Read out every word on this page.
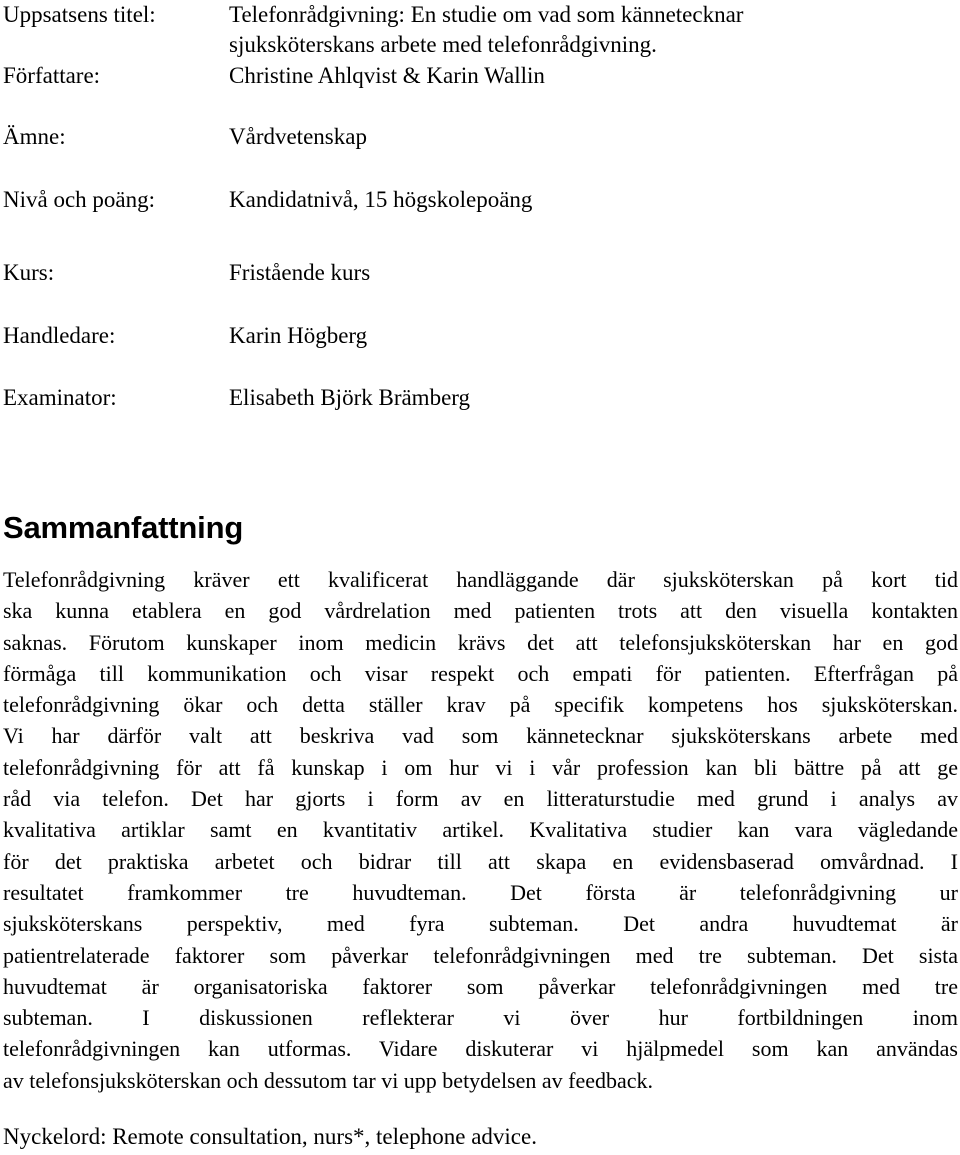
Uppsatsens titel:	Telefonrådgivning: En studie om vad som kännetecknar
sjuksköterskans arbete med telefonrådgivning.
Författare:	Christine Ahlqvist & Karin Wallin
Ämne:	Vårdvetenskap
Nivå och poäng:	Kandidatnivå, 15 högskolepoäng
Kurs:	Fristående kurs
Handledare:	Karin Högberg
Examinator:	Elisabeth Björk Brämberg
Sammanfattning
Telefonrådgivning kräver ett kvalificerat handläggande där sjuksköterskan på kort tid
ska kunna etablera en god vårdrelation med patienten trots att den visuella kontakten
saknas. Förutom kunskaper inom medicin krävs det att telefonsjuksköterskan har en god
förmåga till kommunikation och visar respekt och empati för patienten. Efterfrågan på
telefonrådgivning ökar och detta ställer krav på specifik kompetens hos sjuksköterskan.
Vi har därför valt att beskriva vad som kännetecknar sjuksköterskans arbete med
telefonrådgivning för att få kunskap i om hur vi i vår profession kan bli bättre på att ge
råd via telefon. Det har gjorts i form av en litteraturstudie med grund i analys av
kvalitativa artiklar samt en kvantitativ artikel. Kvalitativa studier kan vara vägledande
för det praktiska arbetet och bidrar till att skapa en evidensbaserad omvårdnad. I
resultatet framkommer tre huvudteman. Det första är telefonrådgivning ur
sjuksköterskans perspektiv, med fyra subteman. Det andra huvudtemat är
patientrelaterade faktorer som påverkar telefonrådgivningen med tre subteman. Det sista
huvudtemat är organisatoriska faktorer som påverkar telefonrådgivningen med tre
subteman. I diskussionen reflekterar vi över hur fortbildningen inom
telefonrådgivningen kan utformas. Vidare diskuterar vi hjälpmedel som kan användas
av telefonsjuksköterskan och dessutom tar vi upp betydelsen av feedback.
Nyckelord: Remote consultation, nurs*, telephone advice.
